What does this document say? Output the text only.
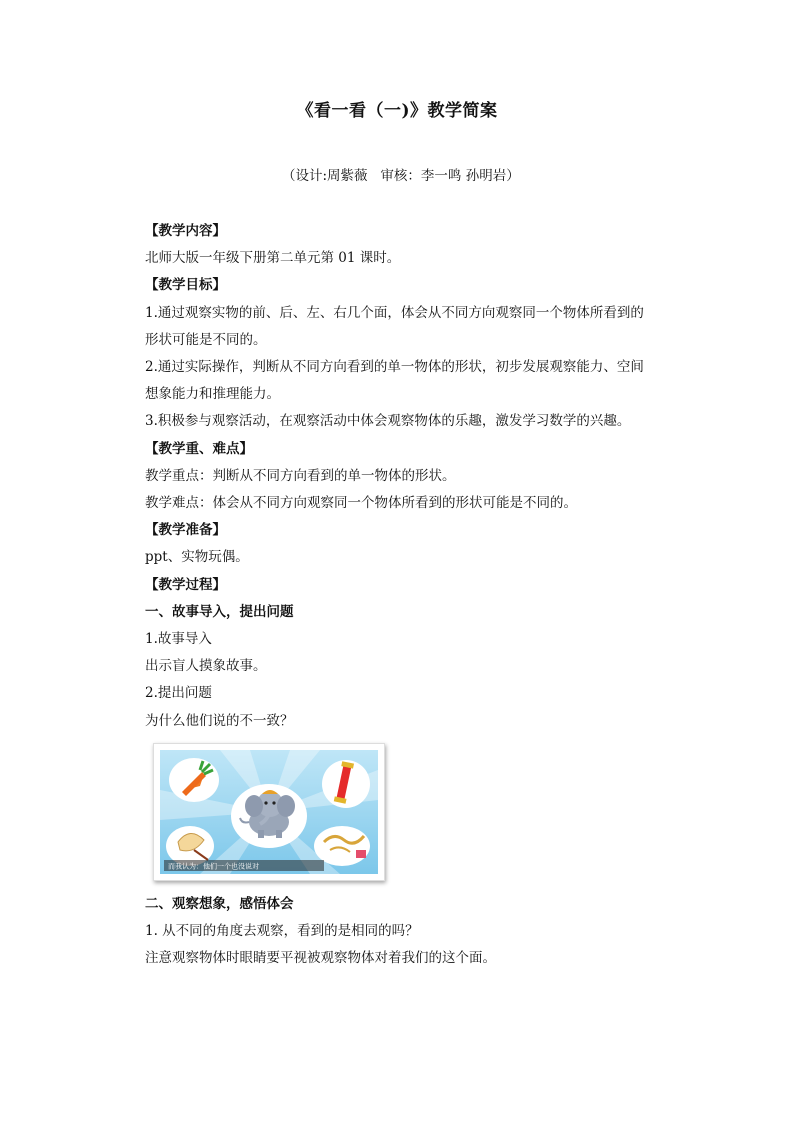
《看一看（一)》教学简案
（设计:周紫薇   审核：李一鸣 孙明岩）

【教学内容】

北师大版一年级下册第二单元第 01 课时。

【教学目标】

1.通过观察实物的前、后、左、右几个面，体会从不同方向观察同一个物体所看到的

形状可能是不同的。

2.通过实际操作，判断从不同方向看到的单一物体的形状，初步发展观察能力、空间

想象能力和推理能力。

3.积极参与观察活动，在观察活动中体会观察物体的乐趣，激发学习数学的兴趣。

【教学重、难点】

教学重点：判断从不同方向看到的单一物体的形状。

教学难点：体会从不同方向观察同一个物体所看到的形状可能是不同的。

【教学准备】

ppt、实物玩偶。

【教学过程】

一、故事导入，提出问题

1.故事导入

出示盲人摸象故事。

2.提出问题

为什么他们说的不一致？

而我认为：他们一个也没说对

二、观察想象，感悟体会

1. 从不同的角度去观察，看到的是相同的吗？

注意观察物体时眼睛要平视被观察物体对着我们的这个面。
